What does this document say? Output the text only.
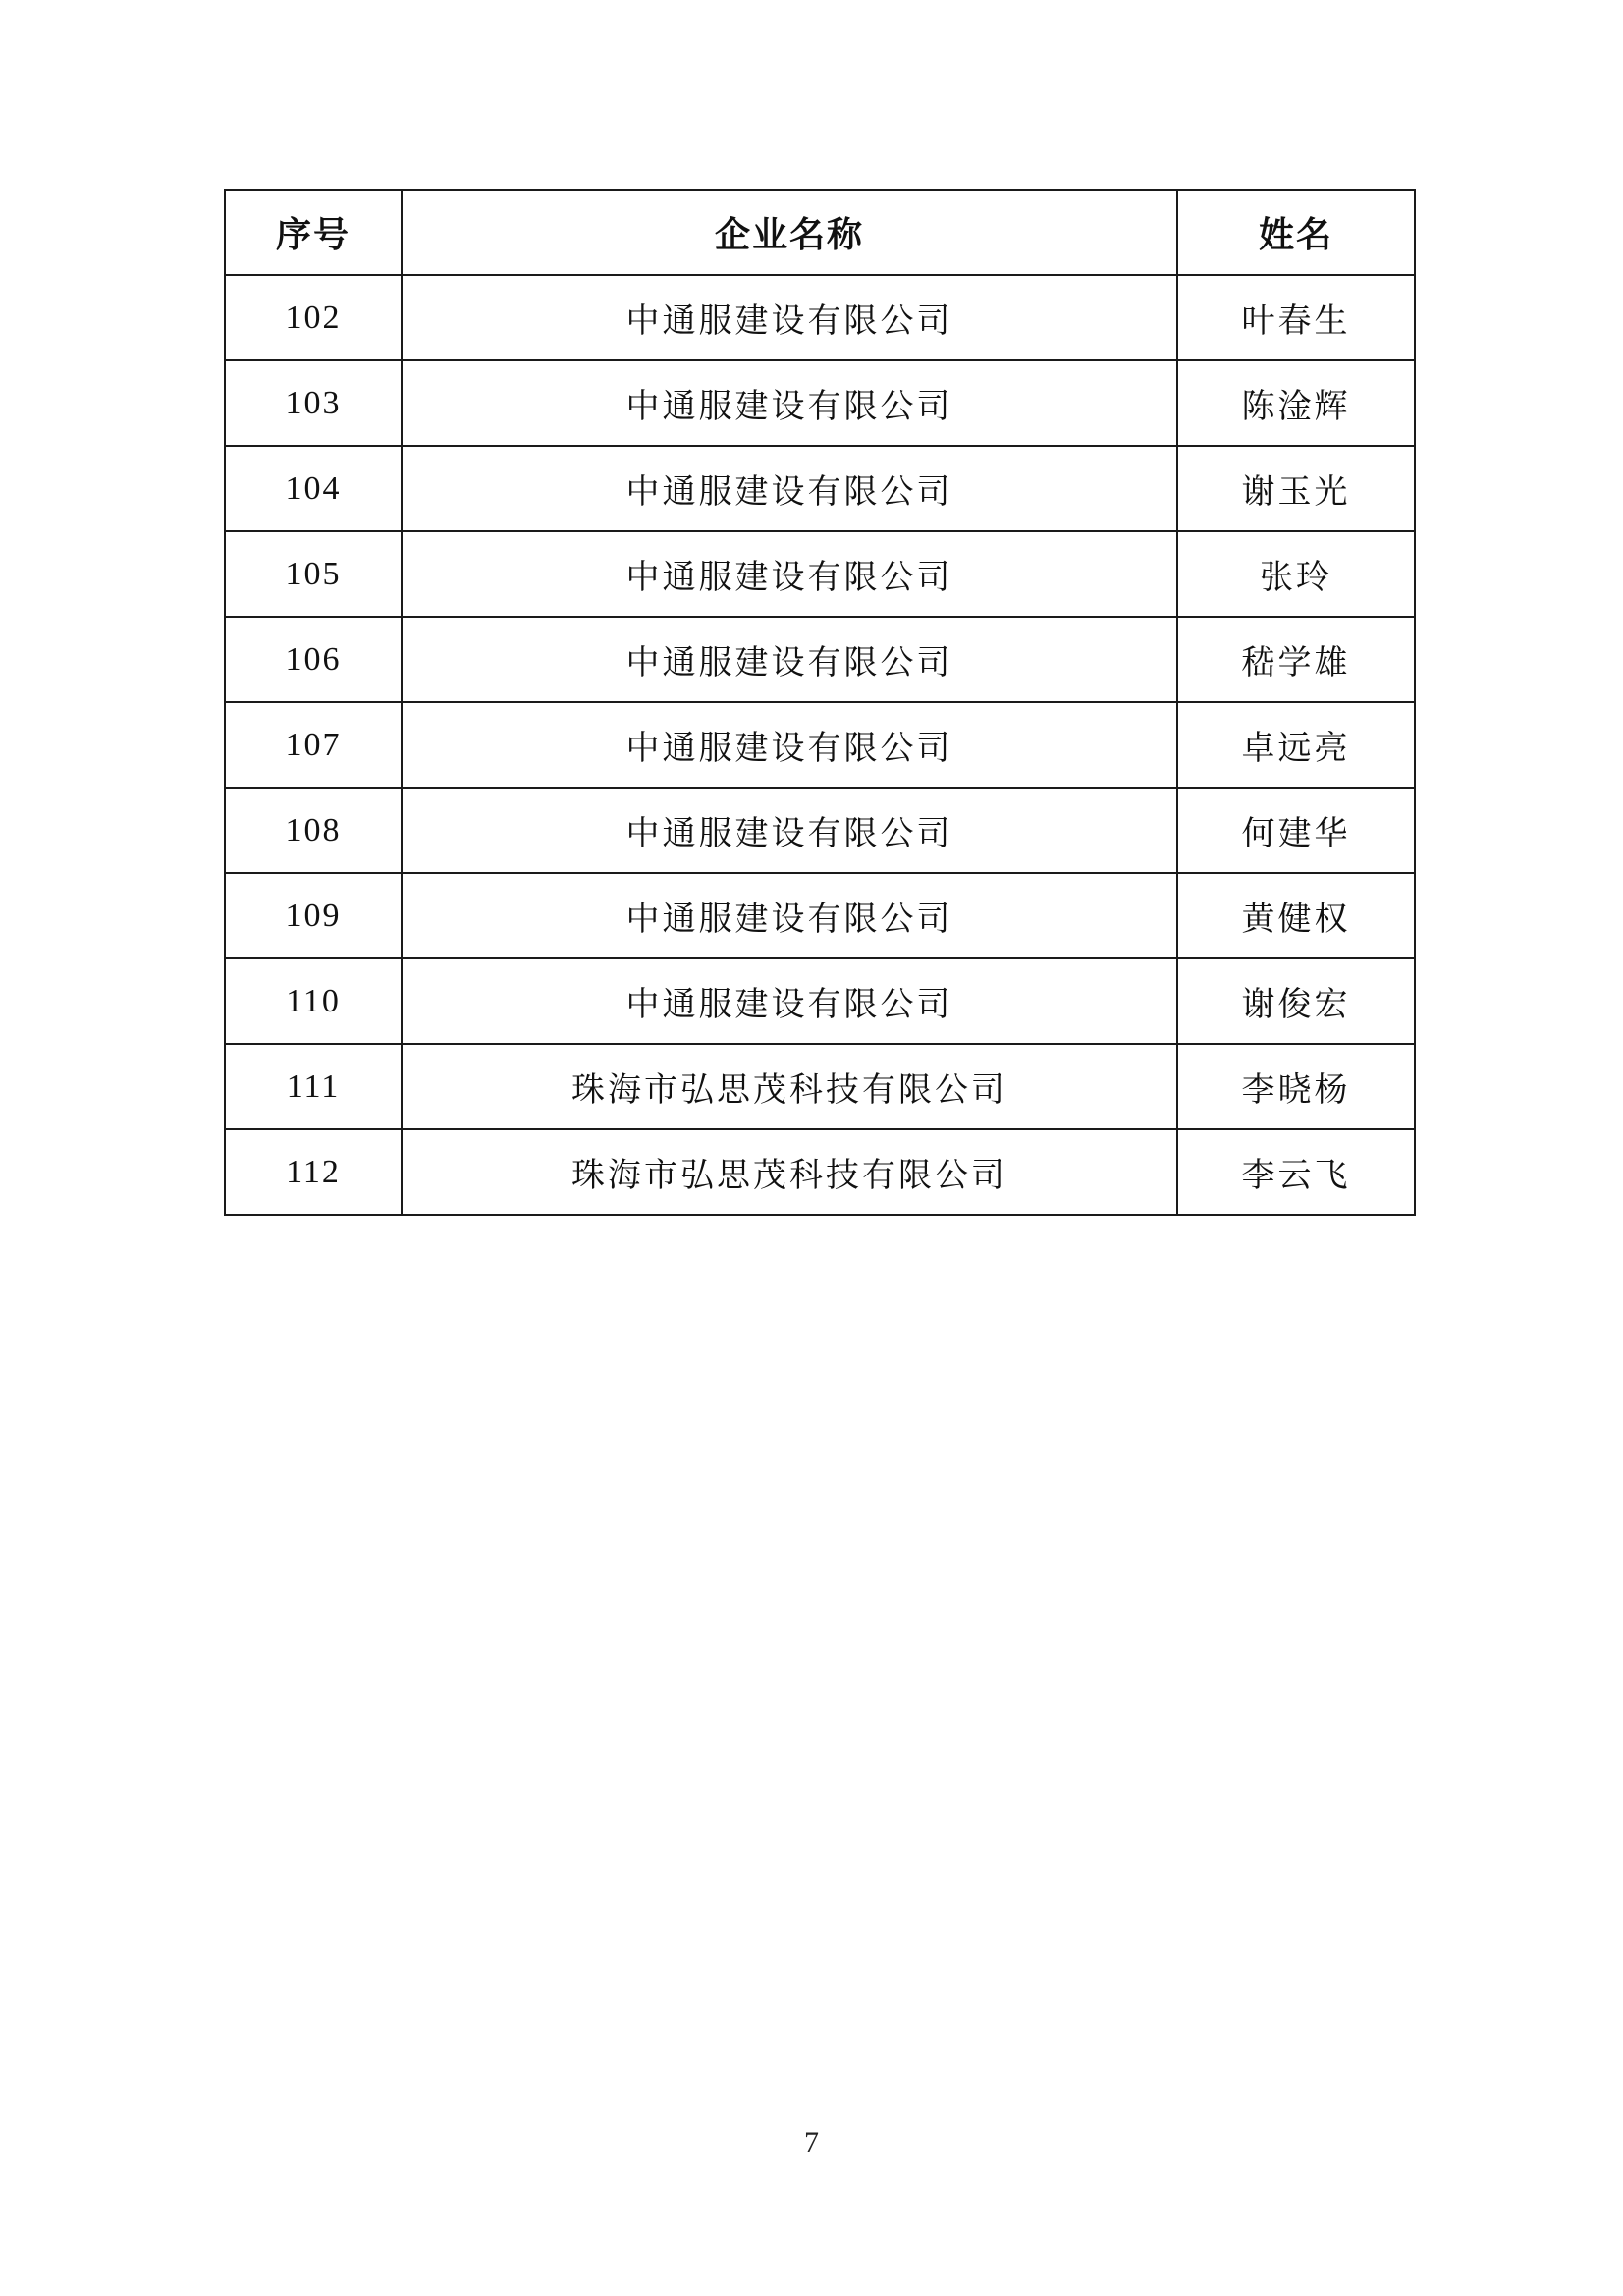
序号	企业名称	姓名
102	中通服建设有限公司	叶春生
103	中通服建设有限公司	陈淦辉
104	中通服建设有限公司	谢玉光
105	中通服建设有限公司	张玲
106	中通服建设有限公司	嵇学雄
107	中通服建设有限公司	卓远亮
108	中通服建设有限公司	何建华
109	中通服建设有限公司	黄健权
110	中通服建设有限公司	谢俊宏
111	珠海市弘思茂科技有限公司	李晓杨
112	珠海市弘思茂科技有限公司	李云飞
7
